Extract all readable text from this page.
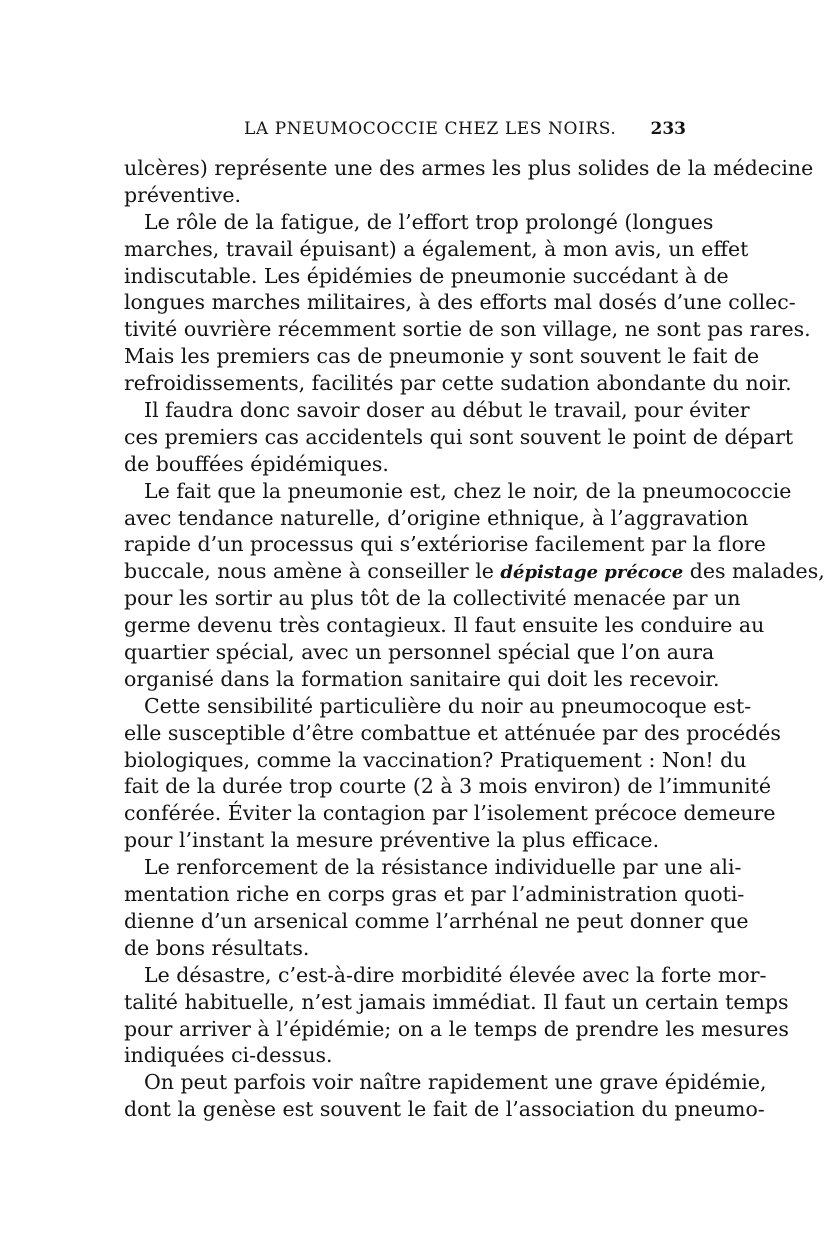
LA PNEUMOCOCCIE CHEZ LES NOIRS. 233
ulcères) représente une des armes les plus solides de la médecine
préventive.
Le rôle de la fatigue, de l’effort trop prolongé (longues
marches, travail épuisant) a également, à mon avis, un effet
indiscutable. Les épidémies de pneumonie succédant à de
longues marches militaires, à des efforts mal dosés d’une collec-
tivité ouvrière récemment sortie de son village, ne sont pas rares.
Mais les premiers cas de pneumonie y sont souvent le fait de
refroidissements, facilités par cette sudation abondante du noir.
Il faudra donc savoir doser au début le travail, pour éviter
ces premiers cas accidentels qui sont souvent le point de départ
de bouffées épidémiques.
Le fait que la pneumonie est, chez le noir, de la pneumococcie
avec tendance naturelle, d’origine ethnique, à l’aggravation
rapide d’un processus qui s’extériorise facilement par la flore
buccale, nous amène à conseiller le dépistage précoce des malades,
pour les sortir au plus tôt de la collectivité menacée par un
germe devenu très contagieux. Il faut ensuite les conduire au
quartier spécial, avec un personnel spécial que l’on aura
organisé dans la formation sanitaire qui doit les recevoir.
Cette sensibilité particulière du noir au pneumocoque est-
elle susceptible d’être combattue et atténuée par des procédés
biologiques, comme la vaccination? Pratiquement : Non! du
fait de la durée trop courte (2 à 3 mois environ) de l’immunité
conférée. Éviter la contagion par l’isolement précoce demeure
pour l’instant la mesure préventive la plus efficace.
Le renforcement de la résistance individuelle par une ali-
mentation riche en corps gras et par l’administration quoti-
dienne d’un arsenical comme l’arrhénal ne peut donner que
de bons résultats.
Le désastre, c’est-à-dire morbidité élevée avec la forte mor-
talité habituelle, n’est jamais immédiat. Il faut un certain temps
pour arriver à l’épidémie; on a le temps de prendre les mesures
indiquées ci-dessus.
On peut parfois voir naître rapidement une grave épidémie,
dont la genèse est souvent le fait de l’association du pneumo-
